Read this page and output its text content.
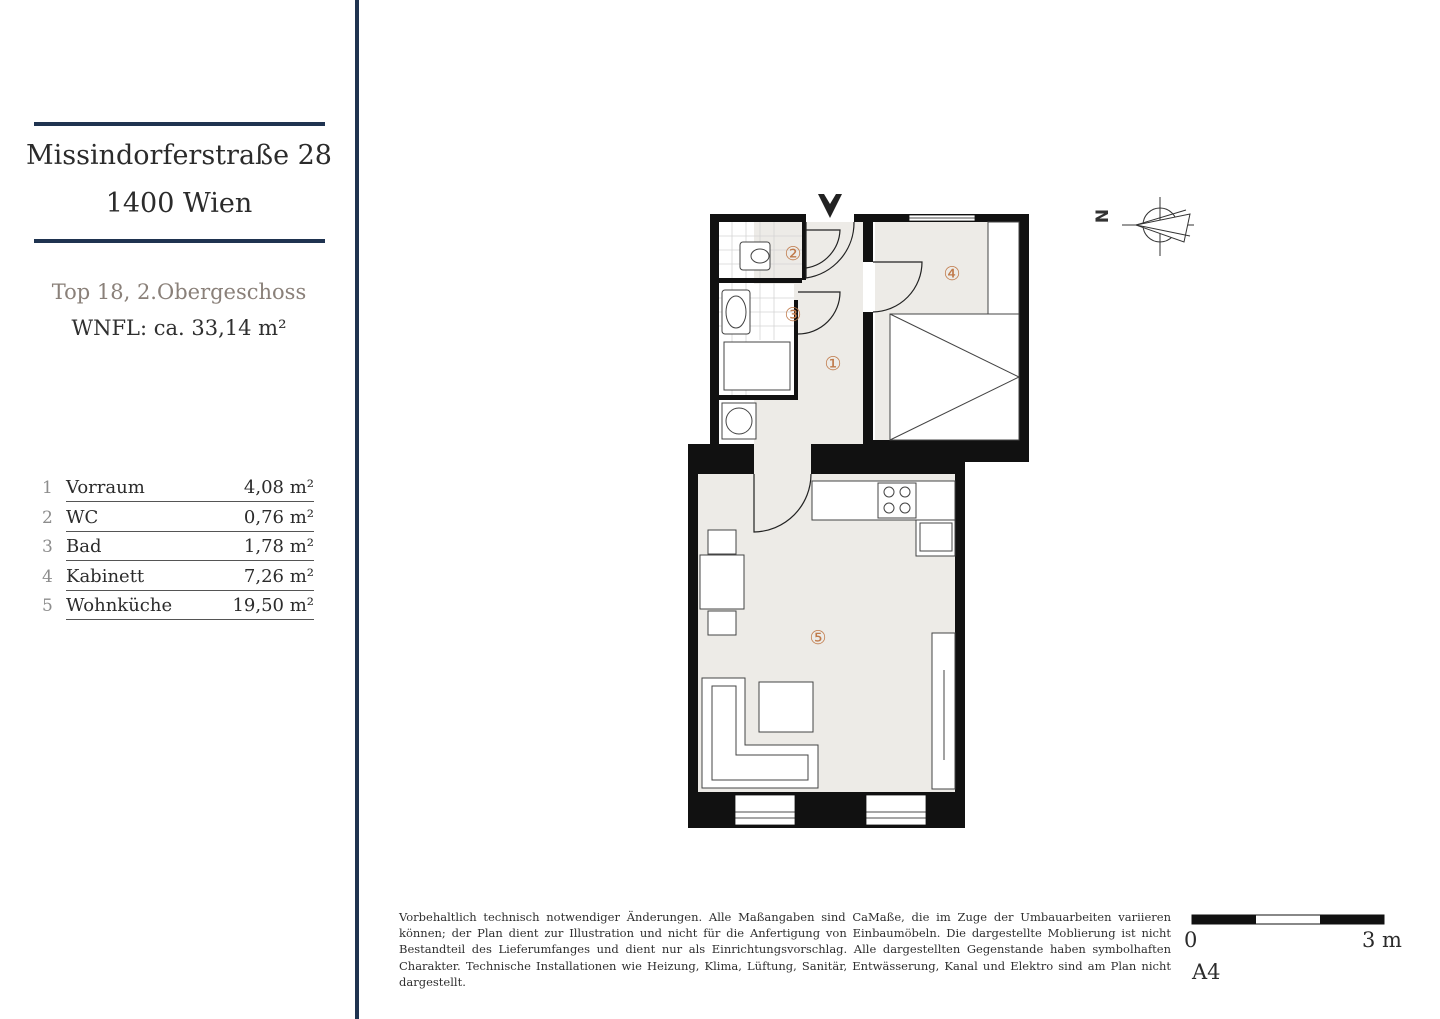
Missindorferstraße 28
1400 Wien
Top 18, 2.Obergeschoss
WNFL: ca. 33,14 m²
1 Vorraum	4,08 m²
2 WC	0,76 m²
3 Bad	1,78 m²
4 Kabinett	7,26 m²
5 Wohnküche	19,50 m²
②
③
①
④
⑤
N
Vorbehaltlich technisch notwendiger Änderungen. Alle Maßangaben sind CaMaße, die im Zuge der Umbauarbeiten variieren können; der Plan dient zur Illustration und nicht für die Anfertigung von Einbaumöbeln. Die dargestellte Moblierung ist nicht Bestandteil des Lieferumfanges und dient nur als Einrichtungsvorschlag. Alle dargestellten Gegenstande haben symbolhaften Charakter. Technische Installationen wie Heizung, Klima, Lüftung, Sanitär, Entwässerung, Kanal und Elektro sind am Plan nicht dargestellt.
0	3 m
A4
